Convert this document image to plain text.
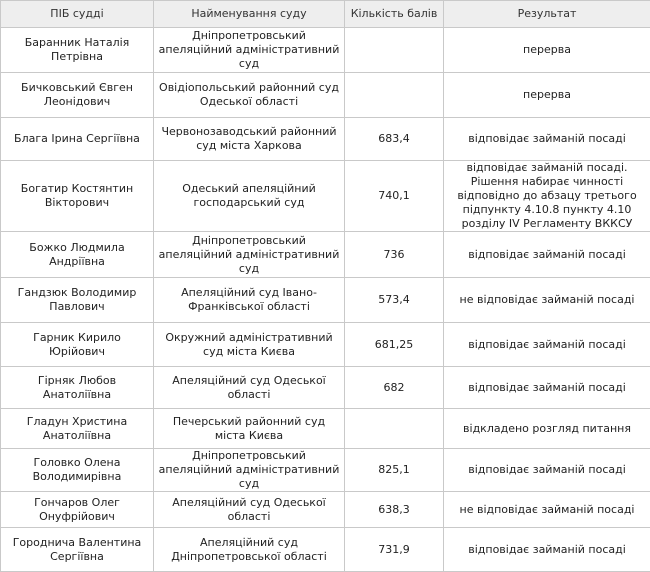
ПІБ судді	Найменування суду	Кількість балів	Результат
Баранник Наталія Петрівна	Дніпропетровський апеляційний адміністративний суд		перерва
Бичковський Євген Леонідович	Овідіопольський районний суд Одеської області		перерва
Блага Ірина Сергіївна	Червонозаводський районний суд міста Харкова	683,4	відповідає займаній посаді
Богатир Костянтин Вікторович	Одеський апеляційний господарський суд	740,1	відповідає займаній посаді. Рішення набирає чинності відповідно до абзацу третього підпункту 4.10.8 пункту 4.10 розділу IV Регламенту ВККСУ
Божко Людмила Андріївна	Дніпропетровський апеляційний адміністративний суд	736	відповідає займаній посаді
Гандзюк Володимир Павлович	Апеляційний суд Івано-Франківської області	573,4	не відповідає займаній посаді
Гарник Кирило Юрійович	Окружний адміністративний суд міста Києва	681,25	відповідає займаній посаді
Гірняк Любов Анатоліївна	Апеляційний суд Одеської області	682	відповідає займаній посаді
Гладун Христина Анатоліївна	Печерський районний суд міста Києва		відкладено розгляд питання
Головко Олена Володимирівна	Дніпропетровський апеляційний адміністративний суд	825,1	відповідає займаній посаді
Гончаров Олег Онуфрійович	Апеляційний суд Одеської області	638,3	не відповідає займаній посаді
Городнича Валентина Сергіївна	Апеляційний суд Дніпропетровської області	731,9	відповідає займаній посаді
